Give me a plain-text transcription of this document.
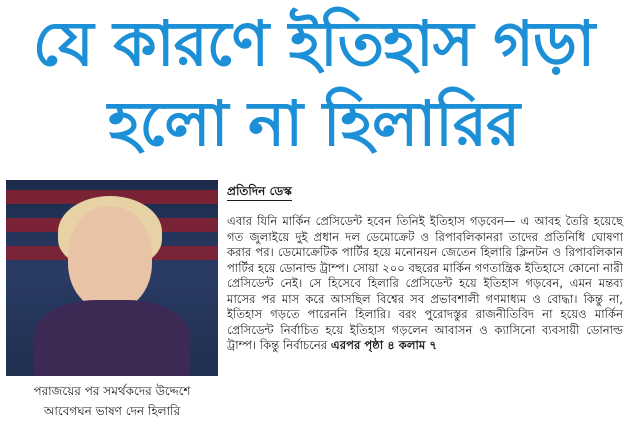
যে কারণে ইতিহাস গড়া
হলো না হিলারির
পরাজয়ের পর সমর্থকদের উদ্দেশে
আবেগঘন ভাষণ দেন হিলারি
প্রতিদিন ডেস্ক
এবার যিনি মার্কিন প্রেসিডেন্ট হবেন তিনিই ইতিহাস গড়বেন— এ আবহ তৈরি হয়েছে গত জুলাইয়ে দুই প্রধান দল ডেমোক্রেট ও রিপাবলিকানরা তাদের প্রতিনিধি ঘোষণা করার পর। ডেমোক্রেটিক পার্টির হয়ে মনোনয়ন জেতেন হিলারি ক্লিনটন ও রিপাবলিকান পার্টির হয়ে ডোনাল্ড ট্রাম্প। সোয়া ২০০ বছরের মার্কিন গণতান্ত্রিক ইতিহাসে কোনো নারী প্রেসিডেন্ট নেই। সে হিসেবে হিলারি প্রেসিডেন্ট হয়ে ইতিহাস গড়বেন, এমন মন্তব্য মাসের পর মাস করে আসছিল বিশ্বের সব প্রভাবশালী গণমাধ্যম ও বোদ্ধা। কিন্তু না, ইতিহাস গড়তে পারেননি হিলারি। বরং পুরোদস্তুর রাজনীতিবিদ না হয়েও মার্কিন প্রেসিডেন্ট নির্বাচিত হয়ে ইতিহাস গড়লেন আবাসন ও ক্যাসিনো ব্যবসায়ী ডোনাল্ড ট্রাম্প। কিন্তু নির্বাচনের এরপর পৃষ্ঠা ৪ কলাম ৭
